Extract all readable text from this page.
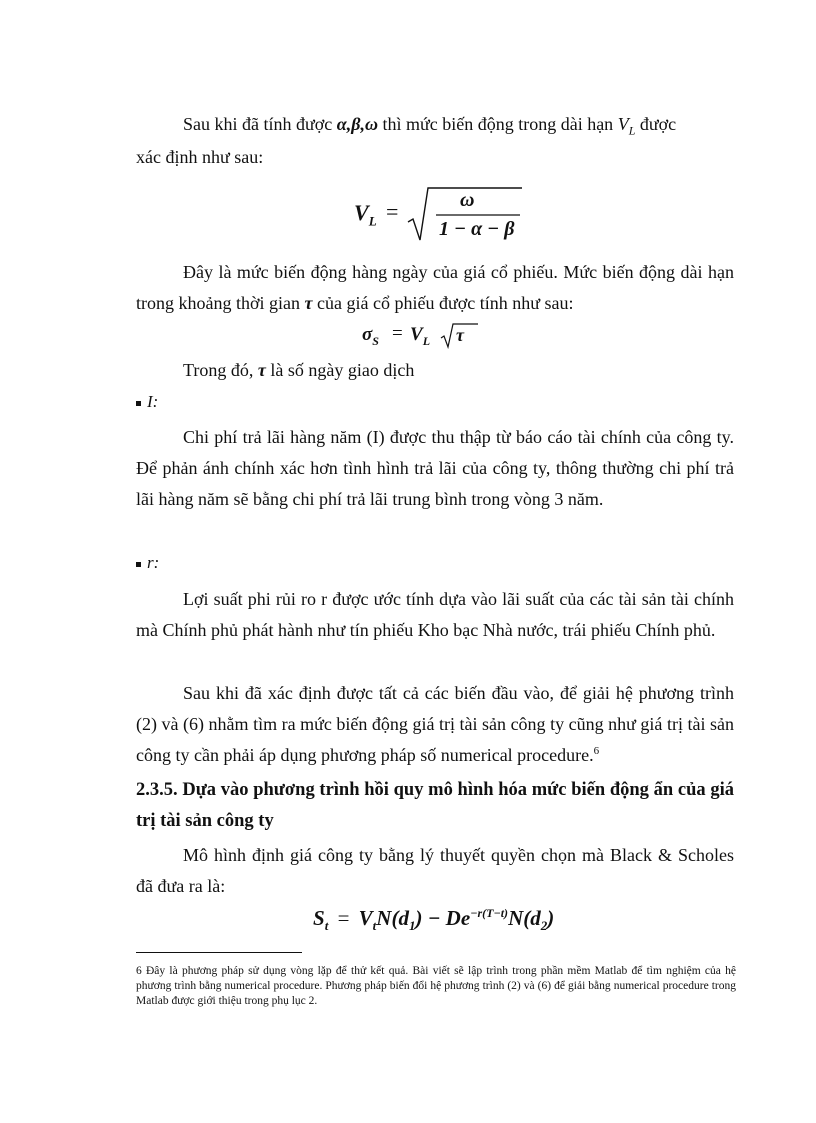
Sau khi đã tính được α,β,ω thì mức biến động trong dài hạn $V_L$ được
xác định như sau:
$V_L$ =	ω
1 − α − β
Đây là mức biến động hàng ngày của giá cổ phiếu. Mức biến động dài hạn trong khoảng thời gian τ của giá cổ phiếu được tính như sau:
$\sigma_S = V_L$ τ
Trong đó, τ là số ngày giao dịch
I:
Chi phí trả lãi hàng năm (I) được thu thập từ báo cáo tài chính của công ty. Để phản ánh chính xác hơn tình hình trả lãi của công ty, thông thường chi phí trả lãi hàng năm sẽ bằng chi phí trả lãi trung bình trong vòng 3 năm.
r:
Lợi suất phi rủi ro r được ước tính dựa vào lãi suất của các tài sản tài chính mà Chính phủ phát hành như tín phiếu Kho bạc Nhà nước, trái phiếu Chính phủ.
Sau khi đã xác định được tất cả các biến đầu vào, để giải hệ phương trình (2) và (6) nhằm tìm ra mức biến động giá trị tài sản công ty cũng như giá trị tài sản công ty cần phải áp dụng phương pháp số numerical procedure.$^6$
2.3.5. Dựa vào phương trình hồi quy mô hình hóa mức biến động ẩn của giá trị tài sản công ty
Mô hình định giá công ty bằng lý thuyết quyền chọn mà Black & Scholes đã đưa ra là:
$S_t = V_tN(d_1) - De^{-r(T-t)}N(d_2)$
6 Đây là phương pháp sử dụng vòng lặp để thử kết quả. Bài viết sẽ lập trình trong phần mềm Matlab để tìm nghiệm của hệ phương trình bằng numerical procedure. Phương pháp biến đổi hệ phương trình (2) và (6) để giải bằng numerical procedure trong Matlab được giới thiệu trong phụ lục 2.
